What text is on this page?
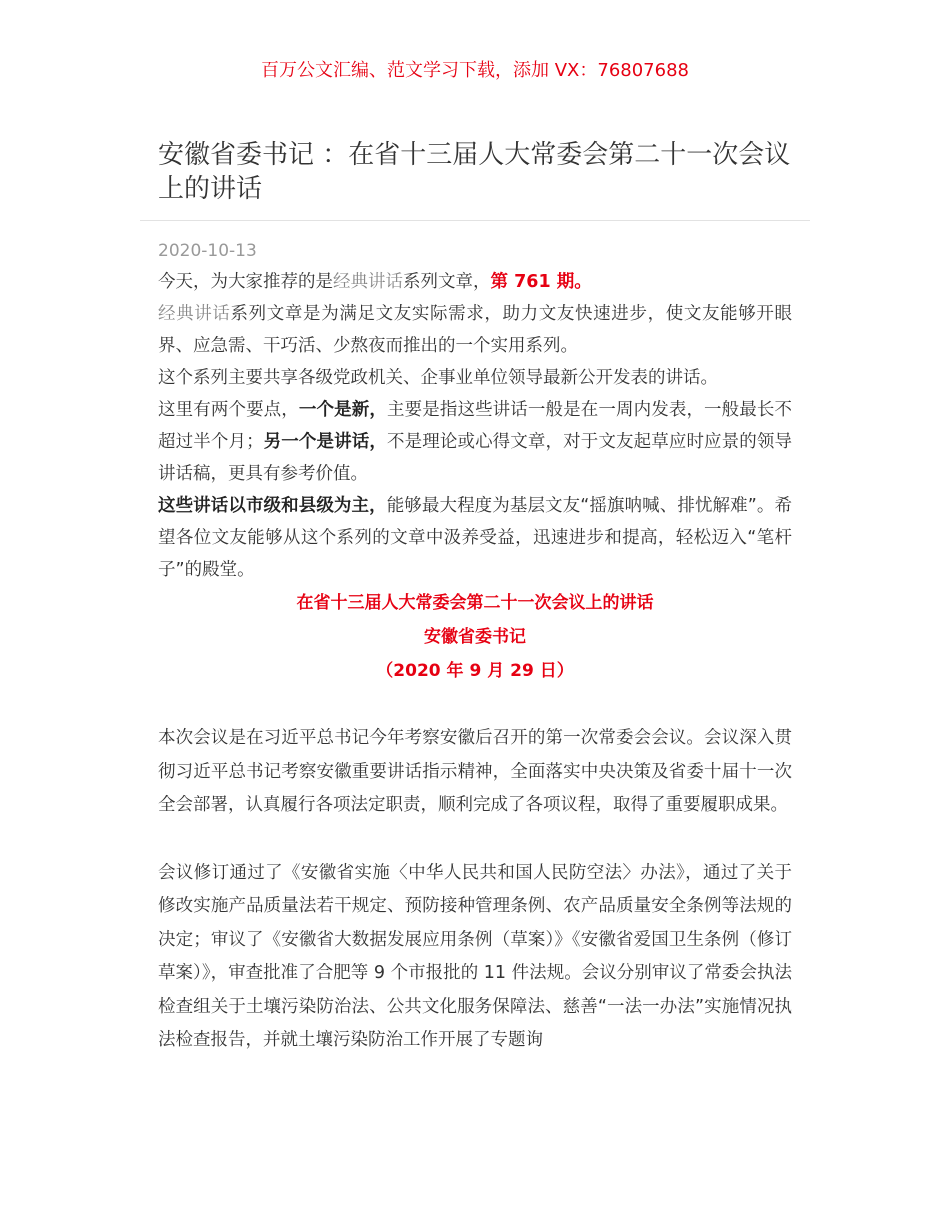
百万公文汇编、范文学习下载，添加 VX：76807688
安徽省委书记 ：在省十三届人大常委会第二十一次会议上的讲话
2020-10-13

今天，为大家推荐的是经典讲话系列文章，第 761 期。

经典讲话系列文章是为满足文友实际需求，助力文友快速进步，使文友能够开眼界、应急需、干巧活、少熬夜而推出的一个实用系列。

这个系列主要共享各级党政机关、企事业单位领导最新公开发表的讲话。

这里有两个要点，一个是新，主要是指这些讲话一般是在一周内发表，一般最长不超过半个月；另一个是讲话，不是理论或心得文章，对于文友起草应时应景的领导讲话稿，更具有参考价值。

这些讲话以市级和县级为主，能够最大程度为基层文友“摇旗呐喊、排忧解难”。希望各位文友能够从这个系列的文章中汲养受益，迅速进步和提高，轻松迈入“笔杆子”的殿堂。

在省十三届人大常委会第二十一次会议上的讲话
安徽省委书记
（2020 年 9 月 29 日）

本次会议是在习近平总书记今年考察安徽后召开的第一次常委会会议。会议深入贯彻习近平总书记考察安徽重要讲话指示精神，全面落实中央决策及省委十届十一次全会部署，认真履行各项法定职责，顺利完成了各项议程，取得了重要履职成果。

会议修订通过了《安徽省实施〈中华人民共和国人民防空法〉办法》，通过了关于修改实施产品质量法若干规定、预防接种管理条例、农产品质量安全条例等法规的决定；审议了《安徽省大数据发展应用条例（草案）》《安徽省爱国卫生条例（修订草案）》，审查批准了合肥等 9 个市报批的 11 件法规。会议分别审议了常委会执法检查组关于土壤污染防治法、公共文化服务保障法、慈善“一法一办法”实施情况执法检查报告，并就土壤污染防治工作开展了专题询
